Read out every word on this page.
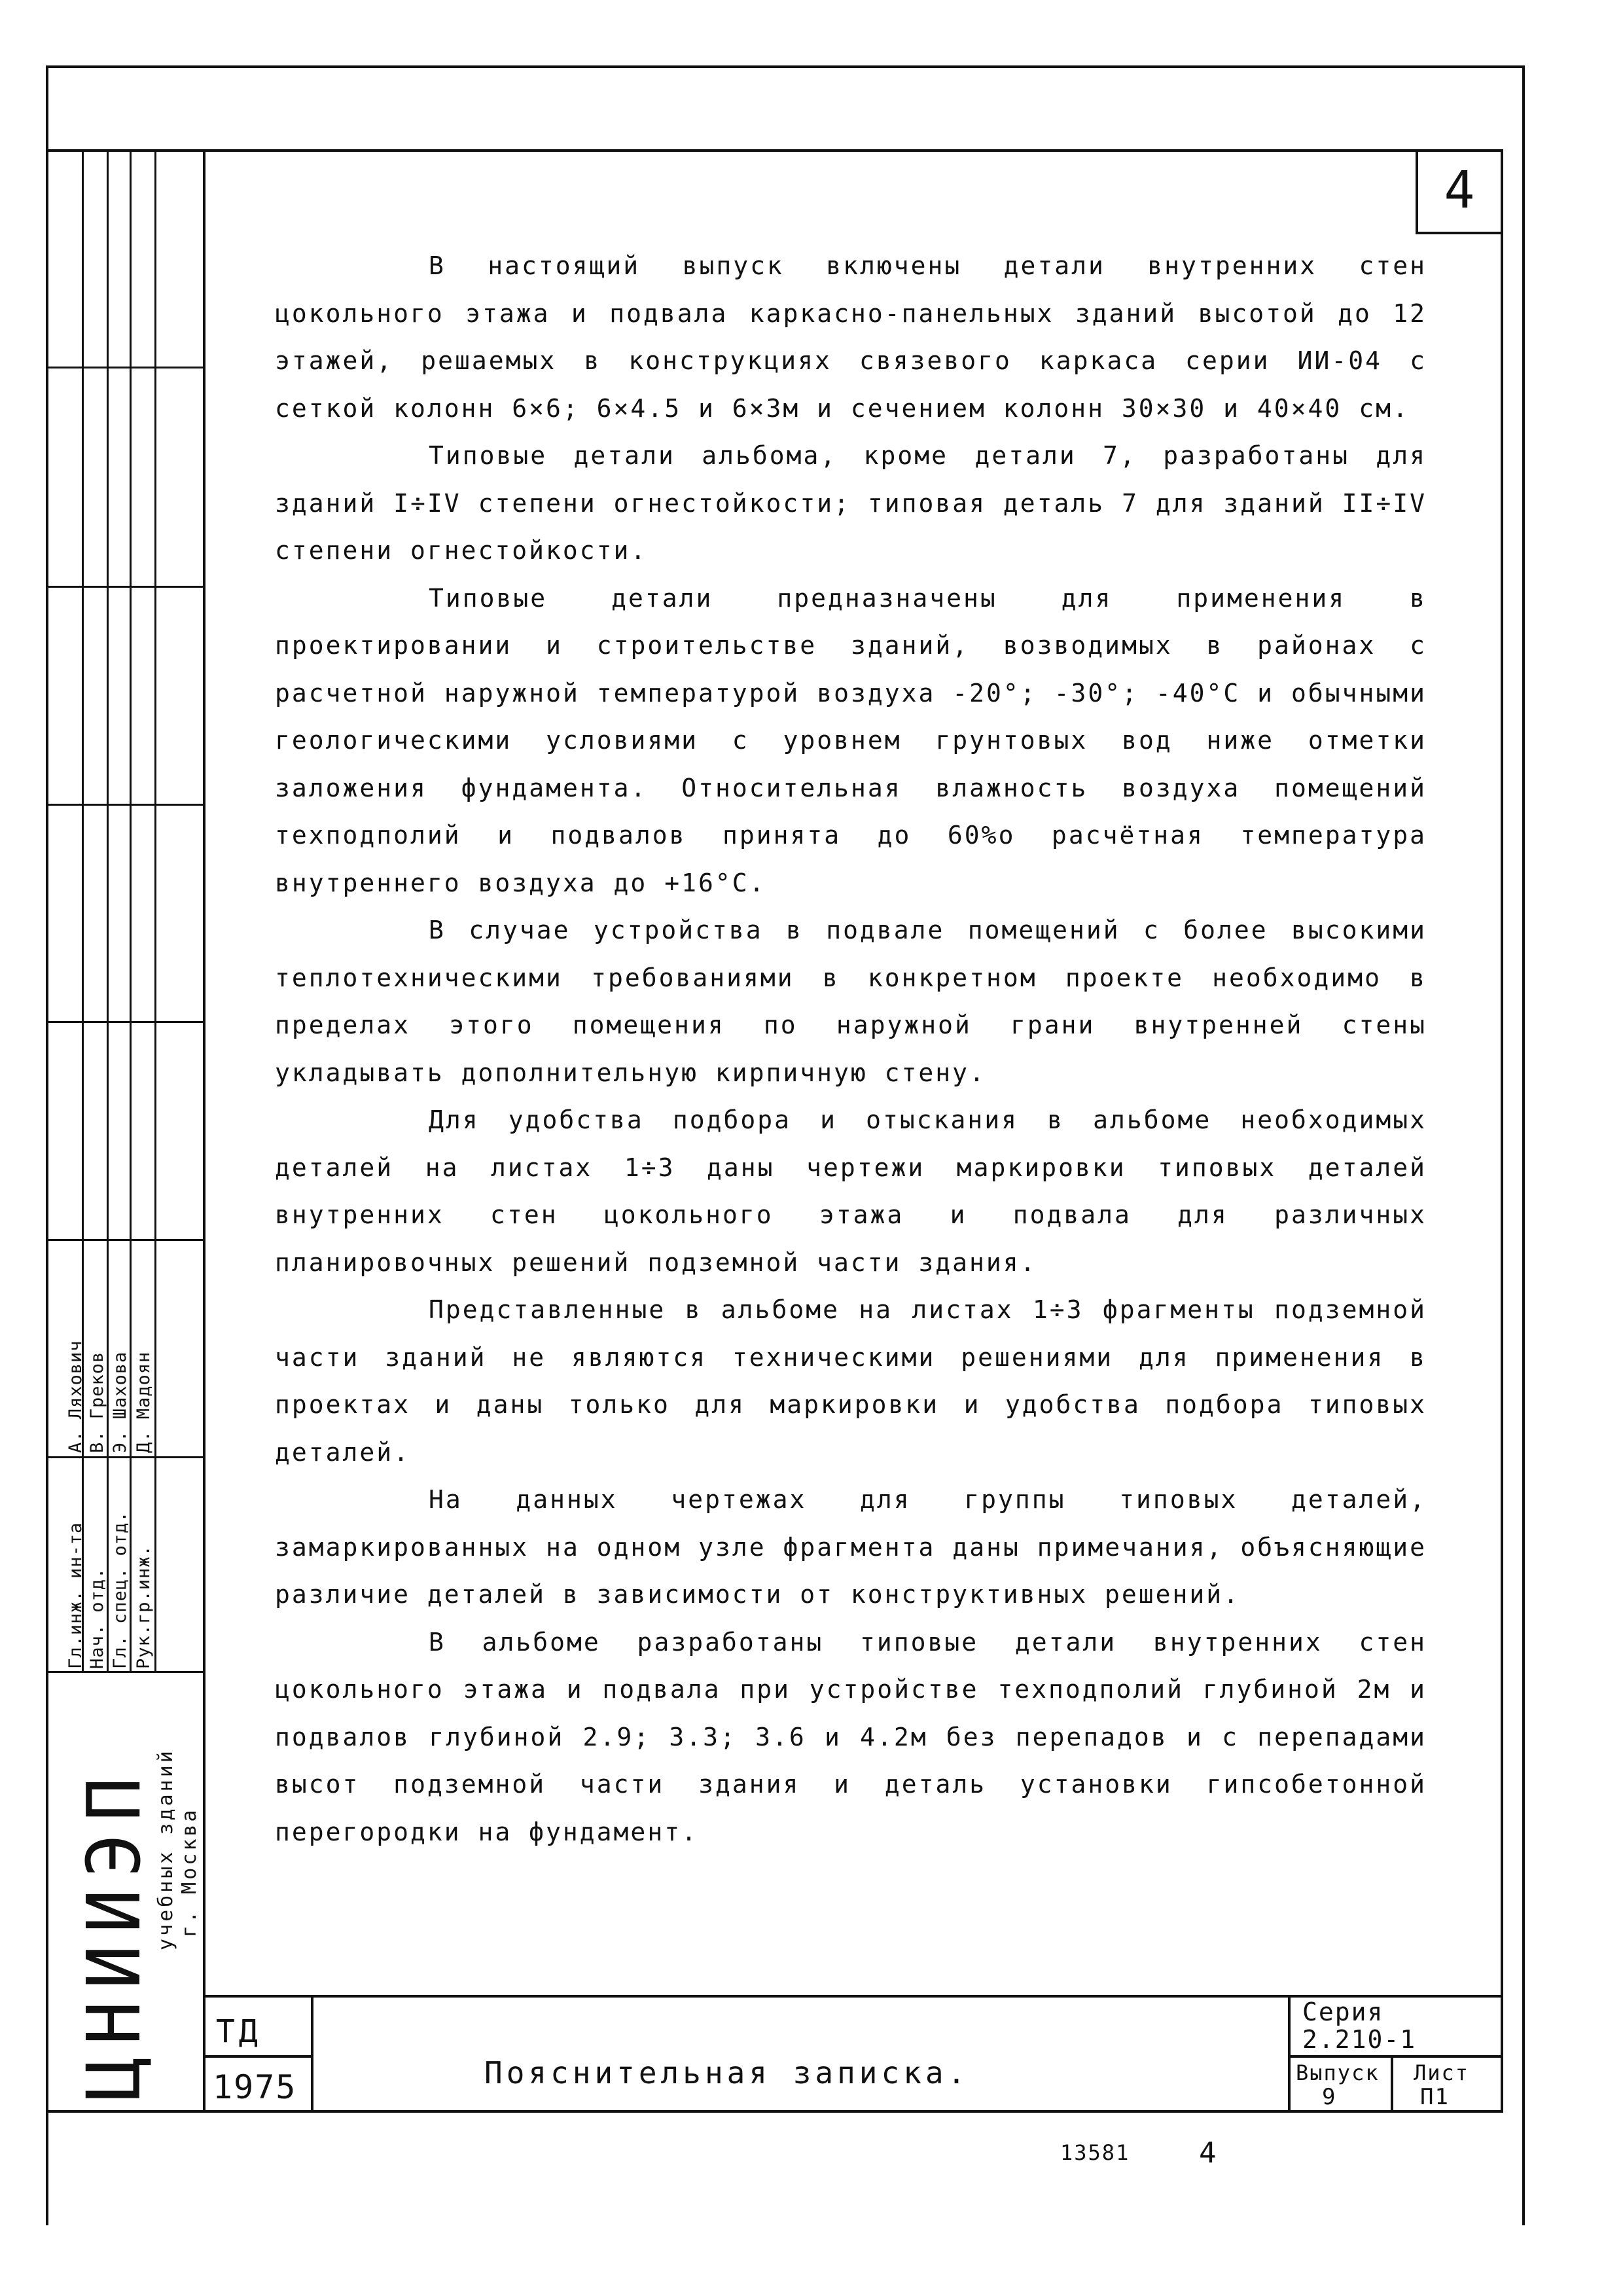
Гл.инж. ин-та Нач. отд. Гл. спец. отд. Рук.гр.инж.
А. Ляхович В. Греков Э. Шахова Д. Мадоян
ЦНИИЭП
учебных зданий г. Москва
4

В настоящий выпуск включены детали внутренних стен цокольного этажа и подвала каркасно-панельных зданий высотой до 12 этажей, решаемых в конструкциях связевого каркаса серии ИИ-04 с сеткой колонн 6×6; 6×4.5 и 6×3м и сечением колонн 30×30 и 40×40 см.

Типовые детали альбома, кроме детали 7, разработаны для зданий I÷IV степени огнестойкости; типовая деталь 7 для зданий II÷IV степени огнестойкости.

Типовые детали предназначены для применения в проектировании и строительстве зданий, возводимых в районах с расчетной наружной температурой воздуха -20°; -30°; -40°С и обычными геологическими условиями с уровнем грунтовых вод ниже отметки заложения фундамента. Относительная влажность воздуха помещений техподполий и подвалов принята до 60%о расчётная температура внутреннего воздуха до +16°С.

В случае устройства в подвале помещений с более высокими теплотехническими требованиями в конкретном проекте необходимо в пределах этого помещения по наружной грани внутренней стены укладывать дополнительную кирпичную стену.

Для удобства подбора и отыскания в альбоме необходимых деталей на листах 1÷3 даны чертежи маркировки типовых деталей внутренних стен цокольного этажа и подвала для различных планировочных решений подземной части здания.

Представленные в альбоме на листах 1÷3 фрагменты подземной части зданий не являются техническими решениями для применения в проектах и даны только для маркировки и удобства подбора типовых деталей.

На данных чертежах для группы типовых деталей, замаркированных на одном узле фрагмента даны примечания, объясняющие различие деталей в зависимости от конструктивных решений.

В альбоме разработаны типовые детали внутренних стен цокольного этажа и подвала при устройстве техподполий глубиной 2м и подвалов глубиной 2.9; 3.3; 3.6 и 4.2м без перепадов и с перепадами высот подземной части здания и деталь установки гипсобетонной перегородки на фундамент.

ТД
1975	Пояснительная записка.
Серия
2.210-1
Выпуск
9
Лист
П1
13581 4
